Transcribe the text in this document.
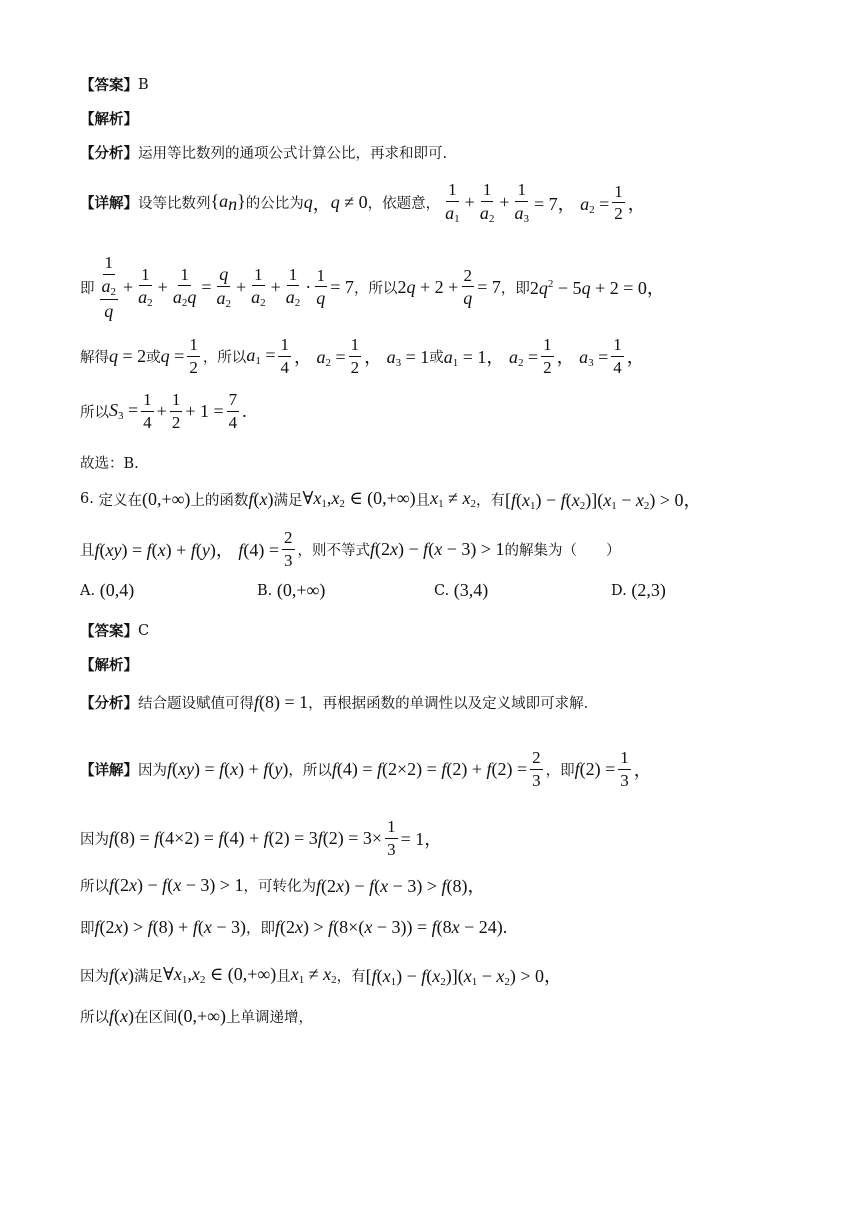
【答案】 B
【解析】
【分析】 运用等比数列的通项公式计算公比，再求和即可.
【详解】 设等比数列 $\{a_n\}$ 的公比为 q ， q ≠ 0 ，依题意， $\frac{1}{a_1} + \frac{1}{a_2} + \frac{1}{a_3} = 7$， $a_2 = \frac{1}{2}$ ，
即 $\frac{1}{\frac{a_2}{q}} + \frac{1}{a_2} + \frac{1}{a_2q} = \frac{q}{a_2} + \frac{1}{a_2} + \frac{1}{a_2} \cdot \frac{1}{q} = 7$ ，所以 $2q + 2 + \frac{2}{q} = 7$ ，即 $2q^2 - 5q + 2 = 0$，
解得 q = 2 或 $q = \frac{1}{2}$ ，所以 $a_1 = \frac{1}{4}$ ， $a_2 = \frac{1}{2}$ ， $a_3 = 1$ 或 $a_1 = 1$， $a_2 = \frac{1}{2}$ ， $a_3 = \frac{1}{4}$ ，
所以 $S_3 = \frac{1}{4} + \frac{1}{2} + 1 = \frac{7}{4}$ .
故选：B.
6.
定义在 (0,+∞) 上的函数 f(x) 满足 $\forall x_1,x_2$ ∈ (0,+∞) 且 $x_1 \ne x_2$ ，有 $[f(x_1) - f(x_2)](x_1 - x_2) > 0$，
且 f(xy) = f(x) + f(y)， $f(4) = \frac{2}{3}$ ，则不等式 f(2x) − f(x − 3) > 1 的解集为（　　）
A.
(0,4)	B.
(0,+∞)	C.
(3,4)	D.
(2,3)
【答案】 C
【解析】
【分析】 结合题设赋值可得 f(8) = 1 ，再根据函数的单调性以及定义域即可求解.
【详解】 因为 f(xy) = f(x) + f(y) ，所以 $f(4) = f(2\times 2) = f(2) + f(2) = \frac{2}{3}$ ，即 $f(2) = \frac{1}{3}$ ，
因为 $f(8) = f(4\times 2) = f(4) + f(2) = 3f(2) = 3\times \frac{1}{3} = 1$，
所以 f(2x) − f(x − 3) > 1 ，可转化为 f(2x) − f(x − 3) > f(8)，
即 f(2x) > f(8) + f(x − 3) ，即 f(2x) > f(8×(x − 3)) = f(8x − 24).
因为 f(x) 满足 $\forall x_1,x_2$ ∈ (0,+∞) 且 $x_1 \ne x_2$ ，有 $[f(x_1) - f(x_2)](x_1 - x_2) > 0$，
所以 f(x) 在区间 (0,+∞) 上单调递增，
